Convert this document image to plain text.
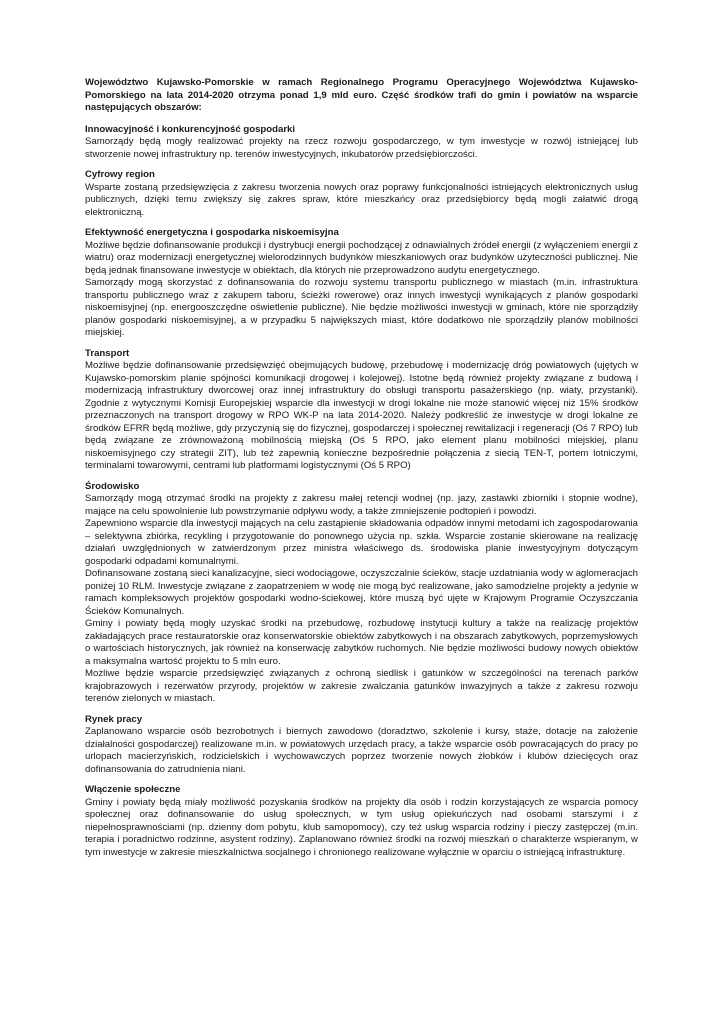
Województwo Kujawsko-Pomorskie w ramach Regionalnego Programu Operacyjnego Województwa Kujawsko-Pomorskiego na lata 2014-2020 otrzyma ponad 1,9 mld euro. Część środków trafi do gmin i powiatów na wsparcie następujących obszarów:

Innowacyjność i konkurencyjność gospodarki

Samorządy będą mogły realizować projekty na rzecz rozwoju gospodarczego, w tym inwestycje w rozwój istniejącej lub stworzenie nowej infrastruktury np. terenów inwestycyjnych, inkubatorów przedsiębiorczości.

Cyfrowy region

Wsparte zostaną przedsięwzięcia z zakresu tworzenia nowych oraz poprawy funkcjonalności istniejących elektronicznych usług publicznych, dzięki temu zwiększy się zakres spraw, które mieszkańcy oraz przedsiębiorcy będą mogli załatwić drogą elektroniczną.

Efektywność energetyczna i gospodarka niskoemisyjna

Możliwe będzie dofinansowanie produkcji i dystrybucji energii pochodzącej z odnawialnych źródeł energii (z wyłączeniem energii z wiatru) oraz modernizacji energetycznej wielorodzinnych budynków mieszkaniowych oraz budynków użyteczności publicznej. Nie będą jednak finansowane inwestycje w obiektach, dla których nie przeprowadzono audytu energetycznego.

Samorządy mogą skorzystać z dofinansowania do rozwoju systemu transportu publicznego w miastach (m.in. infrastruktura transportu publicznego wraz z zakupem taboru, ścieżki rowerowe) oraz innych inwestycji wynikających z planów gospodarki niskoemisyjnej (np. energooszczędne oświetlenie publiczne). Nie będzie możliwości inwestycji w gminach, które nie sporządziły planów gospodarki niskoemisyjnej, a w przypadku 5 największych miast, które dodatkowo nie sporządziły planów mobilności miejskiej.

Transport

Możliwe będzie dofinansowanie przedsięwzięć obejmujących budowę, przebudowę i modernizację dróg powiatowych (ujętych w Kujawsko-pomorskim planie spójności komunikacji drogowej i kolejowej). Istotne będą również projekty związane z budową i modernizacją infrastruktury dworcowej oraz innej infrastruktury do obsługi transportu pasażerskiego (np. wiaty, przystanki). Zgodnie z wytycznymi Komisji Europejskiej wsparcie dla inwestycji w drogi lokalne nie może stanowić więcej niż 15% środków przeznaczonych na transport drogowy w RPO WK-P na lata 2014-2020. Należy podkreślić że inwestycje w drogi lokalne ze środków EFRR będą możliwe, gdy przyczynią się do fizycznej, gospodarczej i społecznej rewitalizacji i regeneracji (Oś 7 RPO) lub będą związane ze zrównoważoną mobilnością miejską (Oś 5 RPO, jako element planu mobilności miejskiej, planu niskoemisyjnego czy strategii ZIT), lub też zapewnią konieczne bezpośrednie połączenia z siecią TEN-T, portem lotniczymi, terminalami towarowymi, centrami lub platformami logistycznymi (Oś 5 RPO)

Środowisko

Samorządy mogą otrzymać środki na projekty z zakresu małej retencji wodnej (np. jazy, zastawki zbiorniki i stopnie wodne), mające na celu spowolnienie lub powstrzymanie odpływu wody, a także zmniejszenie podtopień i powodzi.

Zapewniono wsparcie dla inwestycji mających na celu zastąpienie składowania odpadów innymi metodami ich zagospodarowania – selektywna zbiórka, recykling i przygotowanie do ponownego użycia np. szkła. Wsparcie zostanie skierowane na realizację działań uwzględnionych w zatwierdzonym przez ministra właściwego ds. środowiska planie inwestycyjnym dotyczącym gospodarki odpadami komunalnymi.

Dofinansowane zostaną sieci kanalizacyjne, sieci wodociągowe, oczyszczalnie ścieków, stacje uzdatniania wody w aglomeracjach poniżej 10 RLM. Inwestycje związane z zaopatrzeniem w wodę nie mogą być realizowane, jako samodzielne projekty a jedynie w ramach kompleksowych projektów gospodarki wodno-ściekowej, które muszą być ujęte w Krajowym Programie Oczyszczania Ścieków Komunalnych.

Gminy i powiaty będą mogły uzyskać środki na przebudowę, rozbudowę instytucji kultury a także na realizację projektów zakładających prace restauratorskie oraz konserwatorskie obiektów zabytkowych i na obszarach zabytkowych, poprzemysłowych o wartościach historycznych, jak również na konserwację zabytków ruchomych. Nie będzie możliwości budowy nowych obiektów a maksymalna wartość projektu to 5 mln euro.

Możliwe będzie wsparcie przedsięwzięć związanych z ochroną siedlisk i gatunków w szczególności na terenach parków krajobrazowych i rezerwatów przyrody, projektów w zakresie zwalczania gatunków inwazyjnych a także z zakresu rozwoju terenów zielonych w miastach.

Rynek pracy

Zaplanowano wsparcie osób bezrobotnych i biernych zawodowo (doradztwo, szkolenie i kursy, staże, dotacje na założenie działalności gospodarczej) realizowane m.in. w powiatowych urzędach pracy, a także wsparcie osób powracających do pracy po urlopach macierzyńskich, rodzicielskich i wychowawczych poprzez tworzenie nowych żłobków i klubów dziecięcych oraz dofinansowania do zatrudnienia niani.

Włączenie społeczne

Gminy i powiaty będą miały możliwość pozyskania środków na projekty dla osób i rodzin korzystających ze wsparcia pomocy społecznej oraz dofinansowanie do usług społecznych, w tym usług opiekuńczych nad osobami starszymi i z niepełnosprawnościami (np. dzienny dom pobytu, klub samopomocy), czy też usług wsparcia rodziny i pieczy zastępczej (m.in. terapia i poradnictwo rodzinne, asystent rodziny). Zaplanowano również środki na rozwój mieszkań o charakterze wspieranym, w tym inwestycje w zakresie mieszkalnictwa socjalnego i chronionego realizowane wyłącznie w oparciu o istniejącą infrastrukturę.
